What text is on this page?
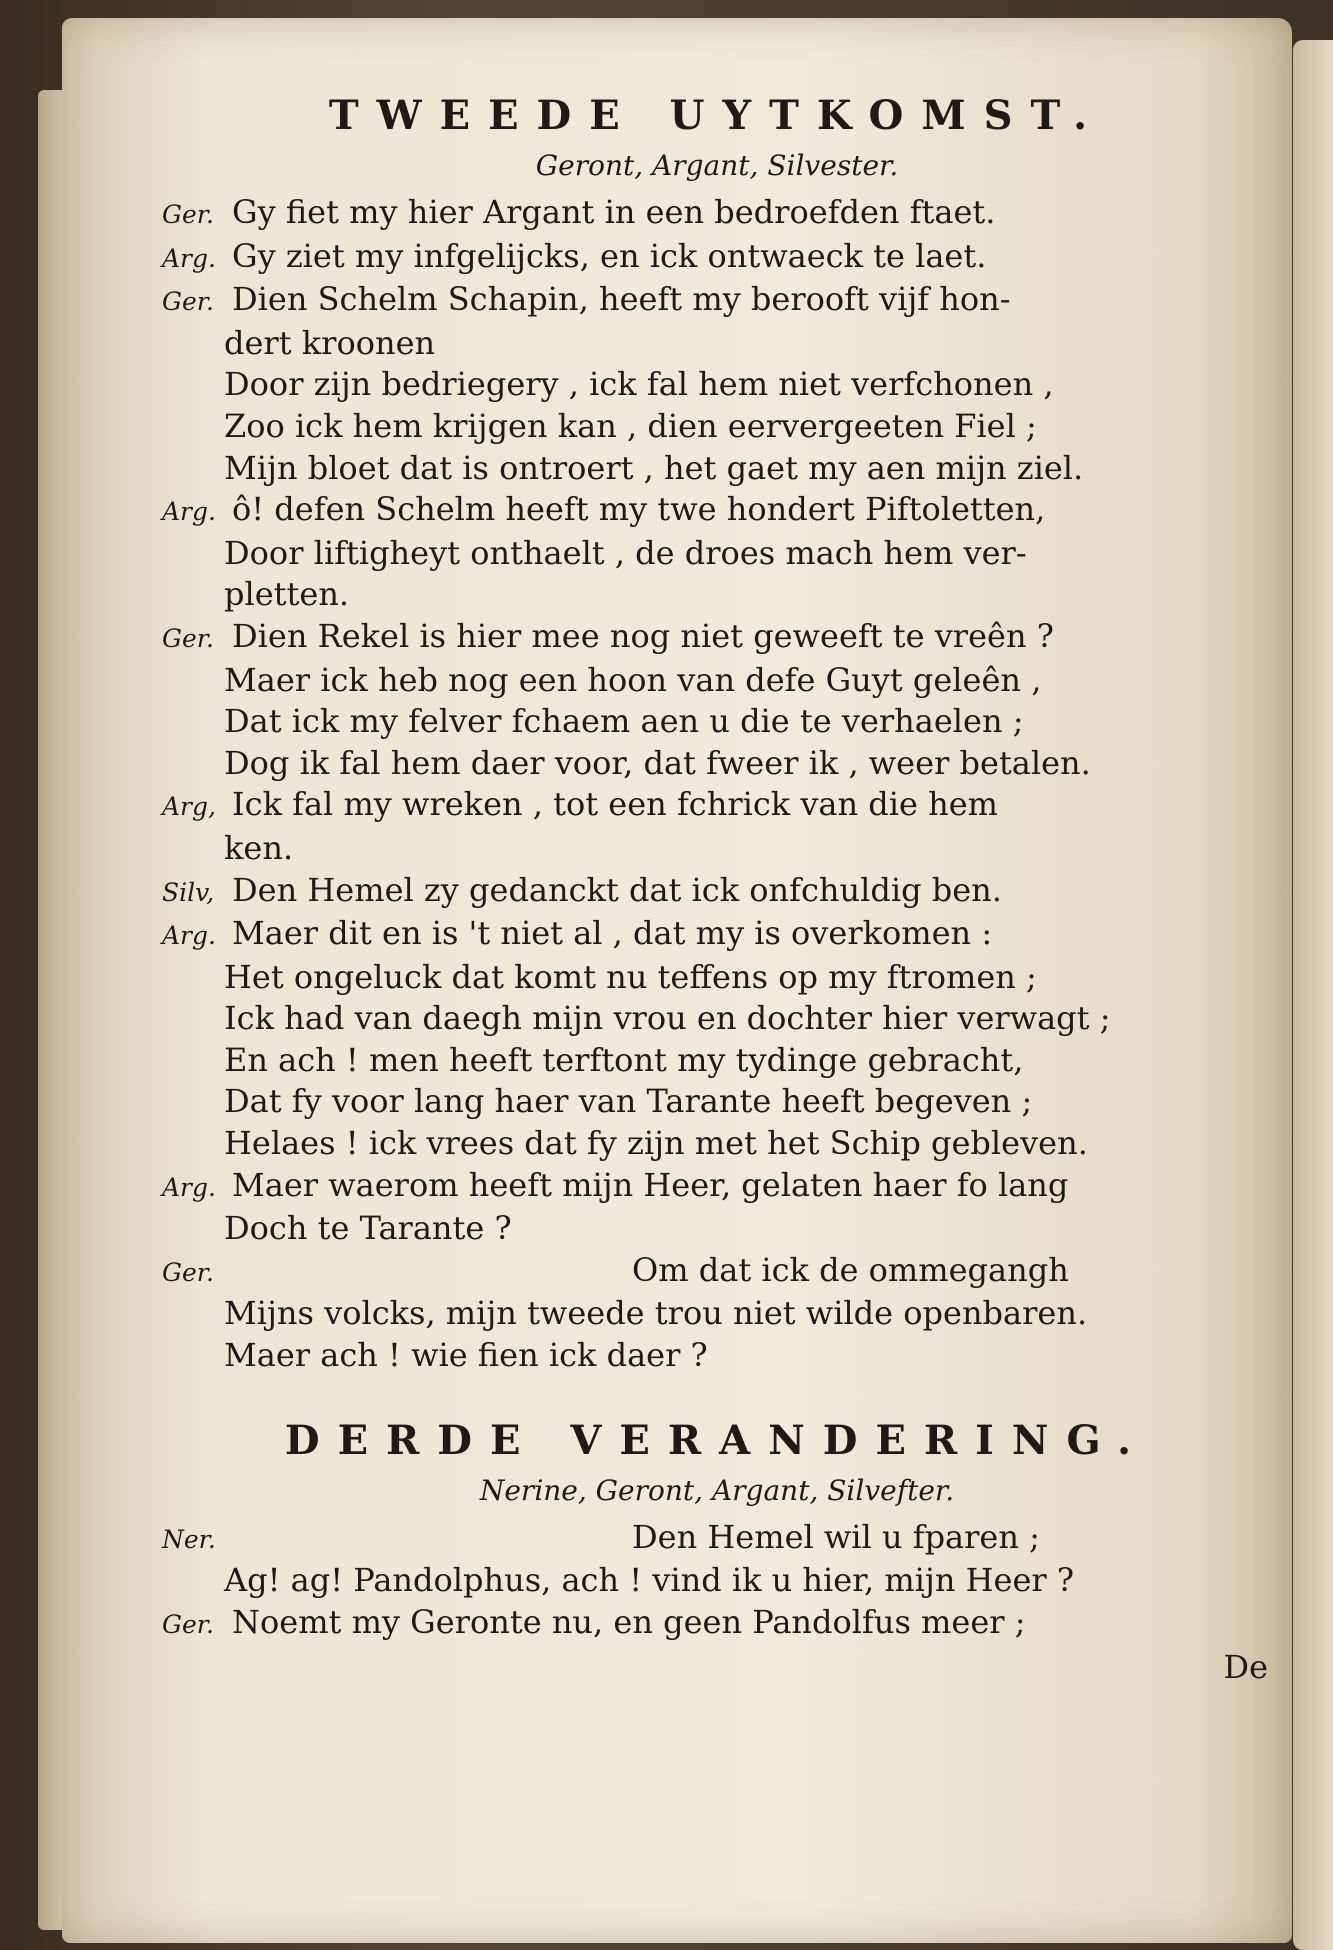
TWEEDE UYTKOMST.
Geront, Argant, Silvester.
Ger. Gy fiet my hier Argant in een bedroefden ftaet.
Arg. Gy ziet my infgelijcks, en ick ontwaeck te laet.
Ger. Dien Schelm Schapin, heeft my berooft vijf hon-
dert kroonen
Door zijn bedriegery , ick fal hem niet verfchonen ,
Zoo ick hem krijgen kan , dien eervergeeten Fiel ;
Mijn bloet dat is ontroert , het gaet my aen mijn ziel.
Arg. ô! defen Schelm heeft my twe hondert Piftoletten,
Door liftigheyt onthaelt , de droes mach hem ver-
pletten.
Ger. Dien Rekel is hier mee nog niet geweeft te vreên ?
Maer ick heb nog een hoon van defe Guyt geleên ,
Dat ick my felver fchaem aen u die te verhaelen ;
Dog ik fal hem daer voor, dat fweer ik , weer betalen.
Arg, Ick fal my wreken , tot een fchrick van die hem
ken.
Silv, Den Hemel zy gedanckt dat ick onfchuldig ben.
Arg. Maer dit en is 't niet al , dat my is overkomen :
Het ongeluck dat komt nu teffens op my ftromen ;
Ick had van daegh mijn vrou en dochter hier verwagt ;
En ach ! men heeft terftont my tydinge gebracht,
Dat fy voor lang haer van Tarante heeft begeven ;
Helaes ! ick vrees dat fy zijn met het Schip gebleven.
Arg. Maer waerom heeft mijn Heer, gelaten haer fo lang
Doch te Tarante ?
Ger.	Om dat ick de ommegangh
Mijns volcks, mijn tweede trou niet wilde openbaren.
Maer ach ! wie fien ick daer ?
DERDE VERANDERING.
Nerine, Geront, Argant, Silvefter.
Ner.	Den Hemel wil u fparen ;
Ag! ag! Pandolphus, ach ! vind ik u hier, mijn Heer ?
Ger. Noemt my Geronte nu, en geen Pandolfus meer ;
De
